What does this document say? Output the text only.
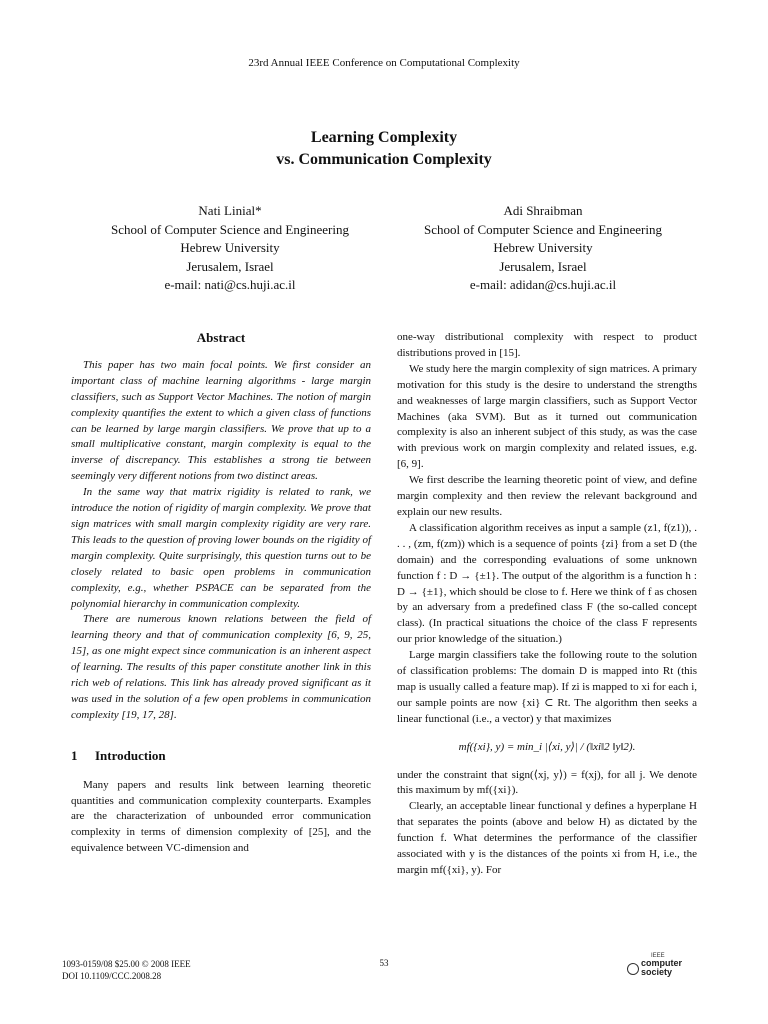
23rd Annual IEEE Conference on Computational Complexity
Learning Complexity
vs. Communication Complexity
Nati Linial*
School of Computer Science and Engineering
Hebrew University
Jerusalem, Israel
e-mail: nati@cs.huji.ac.il
Adi Shraibman
School of Computer Science and Engineering
Hebrew University
Jerusalem, Israel
e-mail: adidan@cs.huji.ac.il
Abstract

This paper has two main focal points. We first consider an important class of machine learning algorithms - large margin classifiers, such as Support Vector Machines. The notion of margin complexity quantifies the extent to which a given class of functions can be learned by large margin classifiers. We prove that up to a small multiplicative constant, margin complexity is equal to the inverse of discrepancy. This establishes a strong tie between seemingly very different notions from two distinct areas.

In the same way that matrix rigidity is related to rank, we introduce the notion of rigidity of margin complexity. We prove that sign matrices with small margin complexity rigidity are very rare. This leads to the question of proving lower bounds on the rigidity of margin complexity. Quite surprisingly, this question turns out to be closely related to basic open problems in communication complexity, e.g., whether PSPACE can be separated from the polynomial hierarchy in communication complexity.

There are numerous known relations between the field of learning theory and that of communication complexity [6, 9, 25, 15], as one might expect since communication is an inherent aspect of learning. The results of this paper constitute another link in this rich web of relations. This link has already proved significant as it was used in the solution of a few open problems in communication complexity [19, 17, 28].

1 Introduction

Many papers and results link between learning theoretic quantities and communication complexity counterparts. Examples are the characterization of unbounded error communication complexity in terms of dimension complexity of [25], and the equivalence between VC-dimension and

one-way distributional complexity with respect to product distributions proved in [15].

We study here the margin complexity of sign matrices. A primary motivation for this study is the desire to understand the strengths and weaknesses of large margin classifiers, such as Support Vector Machines (aka SVM). But as it turned out communication complexity is also an inherent subject of this study, as was the case with previous work on margin complexity and related issues, e.g. [6, 9].

We first describe the learning theoretic point of view, and define margin complexity and then review the relevant background and explain our new results.

A classification algorithm receives as input a sample (z1, f(z1)), . . . , (zm, f(zm)) which is a sequence of points {zi} from a set D (the domain) and the corresponding evaluations of some unknown function f : D → {±1}. The output of the algorithm is a function h : D → {±1}, which should be close to f. Here we think of f as chosen by an adversary from a predefined class F (the so-called concept class). (In practical situations the choice of the class F represents our prior knowledge of the situation.)

Large margin classifiers take the following route to the solution of classification problems: The domain D is mapped into Rt (this map is usually called a feature map). If zi is mapped to xi for each i, our sample points are now {xi} ⊂ Rt. The algorithm then seeks a linear functional (i.e., a vector) y that maximizes

mf({xi}, y) = min_i |⟨xi, y⟩| / (‖xi‖2 ‖y‖2).

under the constraint that sign(⟨xj, y⟩) = f(xj), for all j. We denote this maximum by mf({xi}).

Clearly, an acceptable linear functional y defines a hyperplane H that separates the points (above and below H) as dictated by the function f. What determines the performance of the classifier associated with y is the distances of the points xi from H, i.e., the margin mf({xi}, y). For

1093-0159/08 $25.00 © 2008 IEEE
DOI 10.1109/CCC.2008.28
53
IEEE
computer
society
